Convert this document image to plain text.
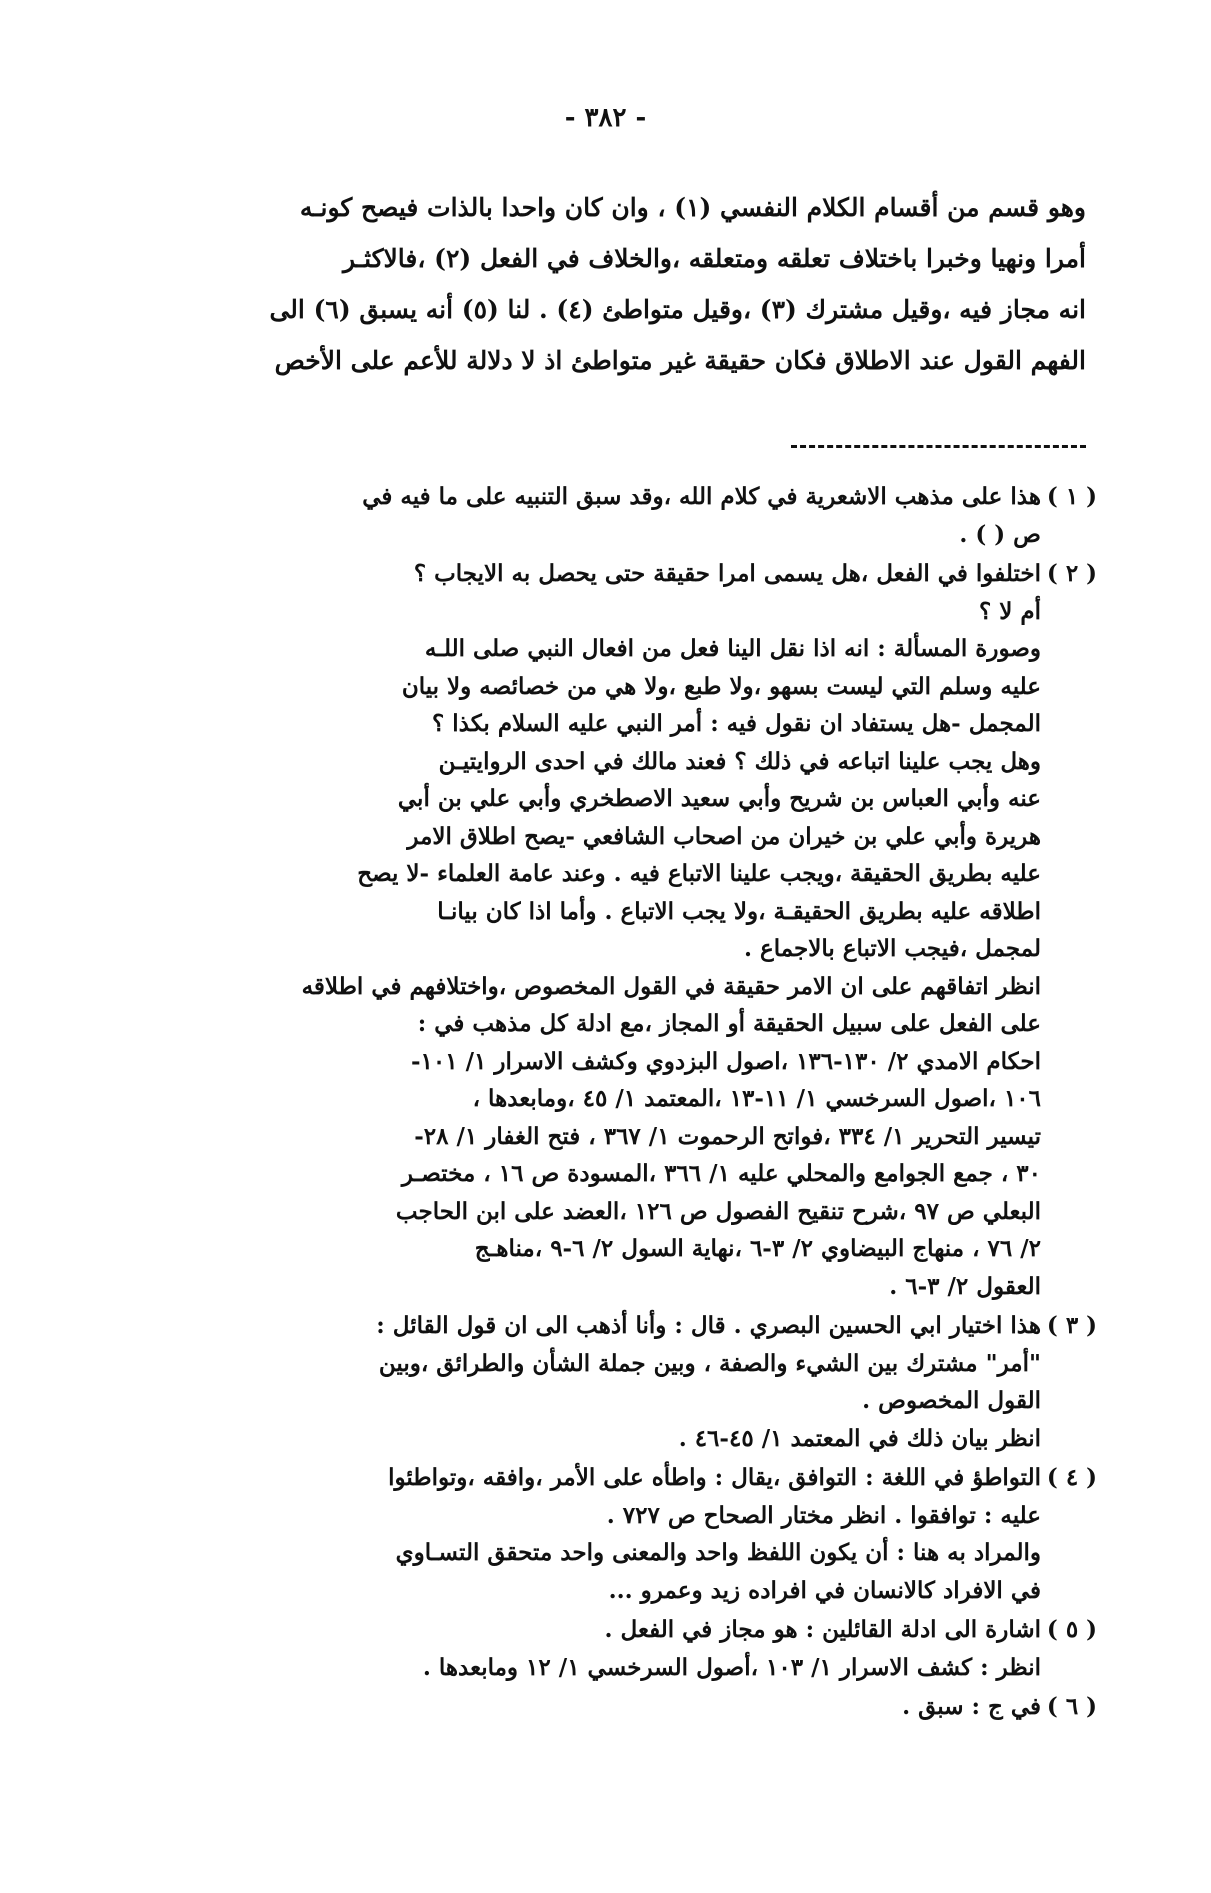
- ٣٨٢ -
وهو قسم من أقسام الكلام النفسي (١) ، وان كان واحدا بالذات فيصح كونـه
أمرا ونهيا وخبرا باختلاف تعلقه ومتعلقه ،والخلاف في الفعل (٢) ،فالاكثـر
انه مجاز فيه ،وقيل مشترك (٣) ،وقيل متواطئ (٤) . لنا (٥) أنه يسبق (٦) الى
الفهم القول عند الاطلاق فكان حقيقة غير متواطئ اذ لا دلالة للأعم على الأخص
( ١ )
هذا على مذهب الاشعرية في كلام الله ،وقد سبق التنبيه على ما فيه في
ص ( ) .
( ٢ )
اختلفوا في الفعل ،هل يسمى امرا حقيقة حتى يحصل به الايجاب ؟
أم لا ؟
وصورة المسألة : انه اذا نقل الينا فعل من افعال النبي صلى اللـه
عليه وسلم التي ليست بسهو ،ولا طبع ،ولا هي من خصائصه ولا بيان
المجمل -هل يستفاد ان نقول فيه : أمر النبي عليه السلام بكذا ؟
وهل يجب علينا اتباعه في ذلك ؟ فعند مالك في احدى الروايتيـن
عنه وأبي العباس بن شريح وأبي سعيد الاصطخري وأبي علي بن أبي
هريرة وأبي علي بن خيران من اصحاب الشافعي -يصح اطلاق الامر
عليه بطريق الحقيقة ،ويجب علينا الاتباع فيه . وعند عامة العلماء -لا يصح
اطلاقه عليه بطريق الحقيقـة ،ولا يجب الاتباع . وأما اذا كان بيانـا
لمجمل ،فيجب الاتباع بالاجماع .
انظر اتفاقهم على ان الامر حقيقة في القول المخصوص ،واختلافهم في اطلاقه
على الفعل على سبيل الحقيقة أو المجاز ،مع ادلة كل مذهب في :
احكام الامدي ٢/ ١٣٠-١٣٦ ،اصول البزدوي وكشف الاسرار ١/ ١٠١-
١٠٦ ،اصول السرخسي ١/ ١١-١٣ ،المعتمد ١/ ٤٥ ،ومابعدها ،
تيسير التحرير ١/ ٣٣٤ ،فواتح الرحموت ١/ ٣٦٧ ، فتح الغفار ١/ ٢٨-
٣٠ ، جمع الجوامع والمحلي عليه ١/ ٣٦٦ ،المسودة ص ١٦ ، مختصـر
البعلي ص ٩٧ ،شرح تنقيح الفصول ص ١٢٦ ،العضد على ابن الحاجب
٢/ ٧٦ ، منهاج البيضاوي ٢/ ٣-٦ ،نهاية السول ٢/ ٦-٩ ،مناهـج
العقول ٢/ ٣-٦ .
( ٣ )
هذا اختيار ابي الحسين البصري . قال : وأنا أذهب الى ان قول القائل :
"أمر" مشترك بين الشيء والصفة ، وبين جملة الشأن والطرائق ،وبين
القول المخصوص .
انظر بيان ذلك في المعتمد ١/ ٤٥-٤٦ .
( ٤ )
التواطؤ في اللغة : التوافق ،يقال : واطأه على الأمر ،وافقه ،وتواطئوا
عليه : توافقوا . انظر مختار الصحاح ص ٧٢٧ .
والمراد به هنا : أن يكون اللفظ واحد والمعنى واحد متحقق التسـاوي
في الافراد كالانسان في افراده زيد وعمرو ...
( ٥ )
اشارة الى ادلة القائلين : هو مجاز في الفعل .
انظر : كشف الاسرار ١/ ١٠٣ ،أصول السرخسي ١/ ١٢ ومابعدها .
( ٦ )
في ج : سبق .
